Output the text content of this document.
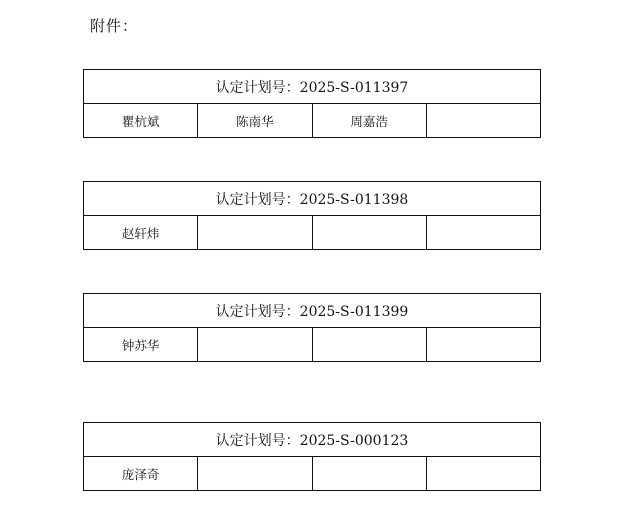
附件：
认定计划号：2025-S-011397
瞿杭斌	陈南华	周嘉浩	
认定计划号：2025-S-011398
赵轩炜			
认定计划号：2025-S-011399
钟苏华			
认定计划号：2025-S-000123
庞泽奇			
